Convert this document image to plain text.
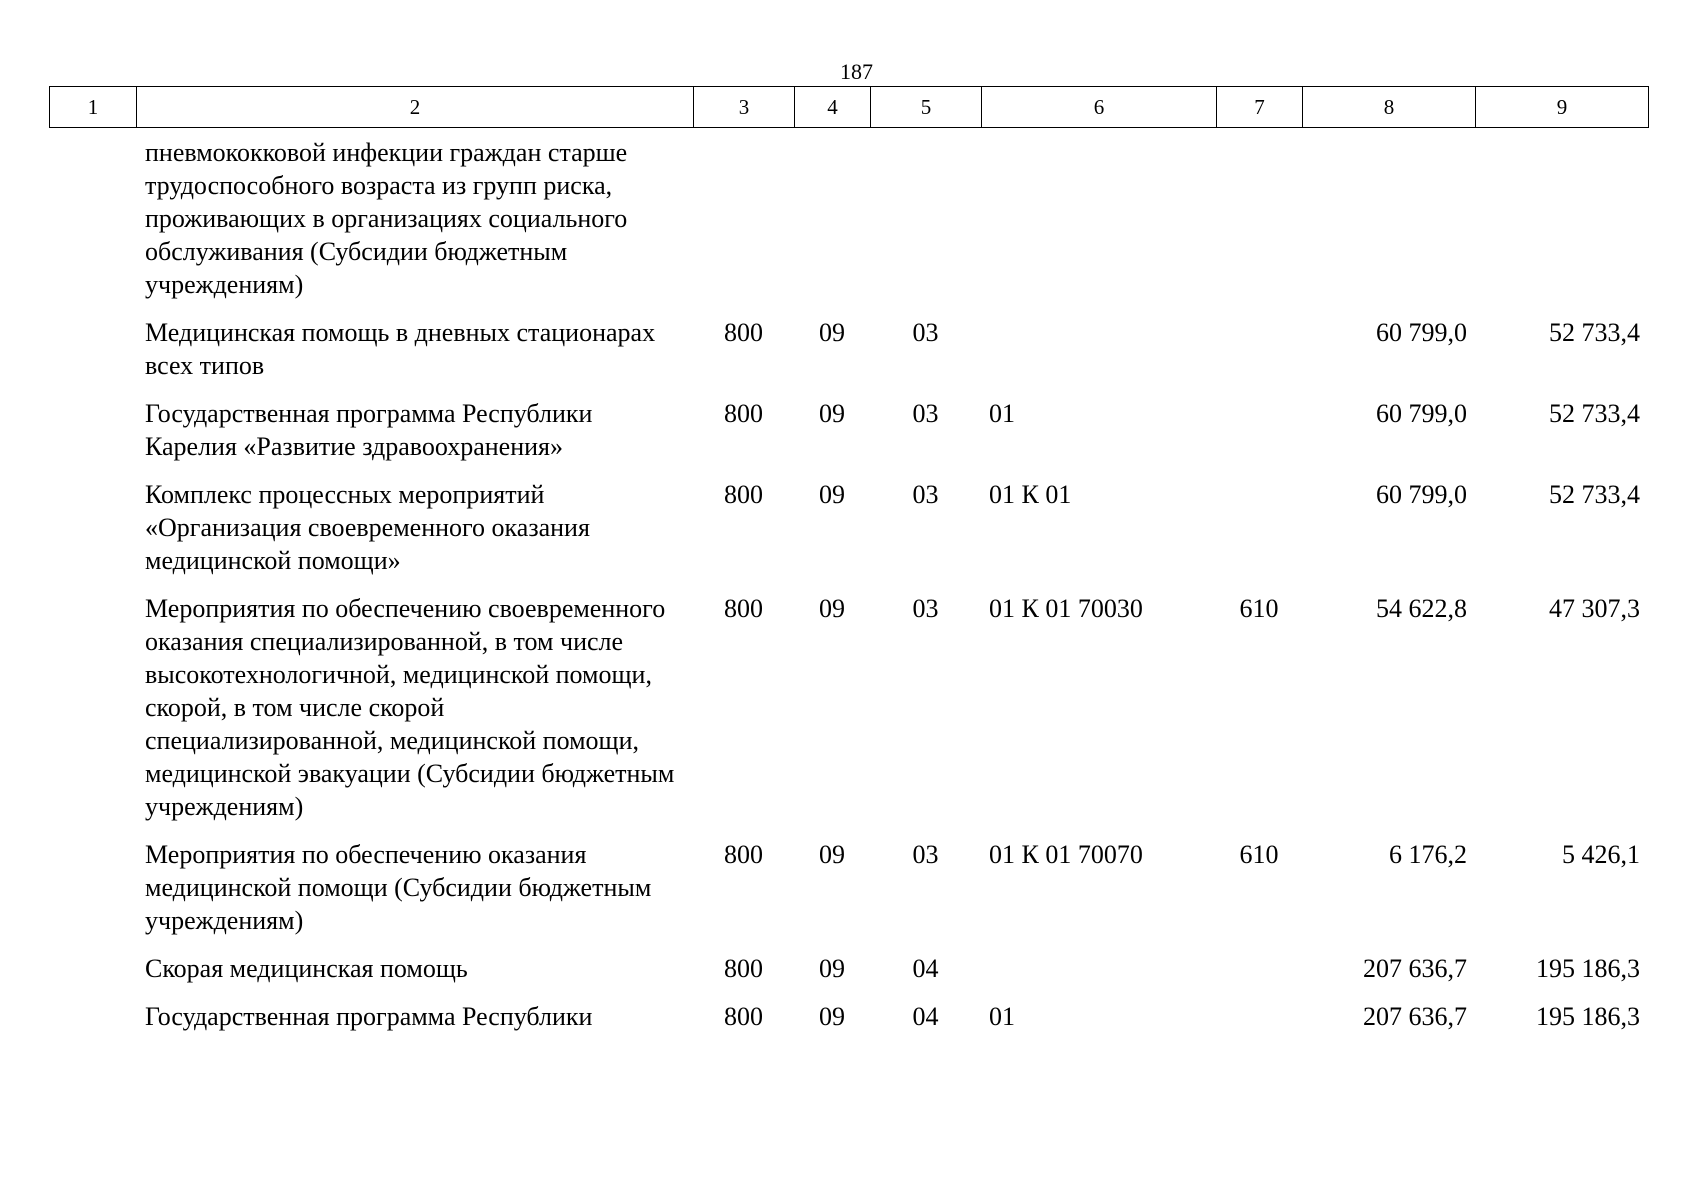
187
1	2	3	4	5	6	7	8	9
	пневмококковой инфекции граждан старше трудоспособного возраста из групп риска, проживающих в организациях социального обслуживания (Субсидии бюджетным учреждениям)							
	Медицинская помощь в дневных стационарах всех типов	800	09	03			60 799,0	52 733,4
	Государственная программа Республики Карелия «Развитие здравоохранения»	800	09	03	01		60 799,0	52 733,4
	Комплекс процессных мероприятий «Организация своевременного оказания медицинской помощи»	800	09	03	01 К 01		60 799,0	52 733,4
	Мероприятия по обеспечению своевременного оказания специализированной, в том числе высокотехнологичной, медицинской помощи, скорой, в том числе скорой специализированной, медицинской помощи, медицинской эвакуации (Субсидии бюджетным учреждениям)	800	09	03	01 К 01 70030	610	54 622,8	47 307,3
	Мероприятия по обеспечению оказания медицинской помощи (Субсидии бюджетным учреждениям)	800	09	03	01 К 01 70070	610	6 176,2	5 426,1
	Скорая медицинская помощь	800	09	04			207 636,7	195 186,3
	Государственная программа Республики	800	09	04	01		207 636,7	195 186,3
